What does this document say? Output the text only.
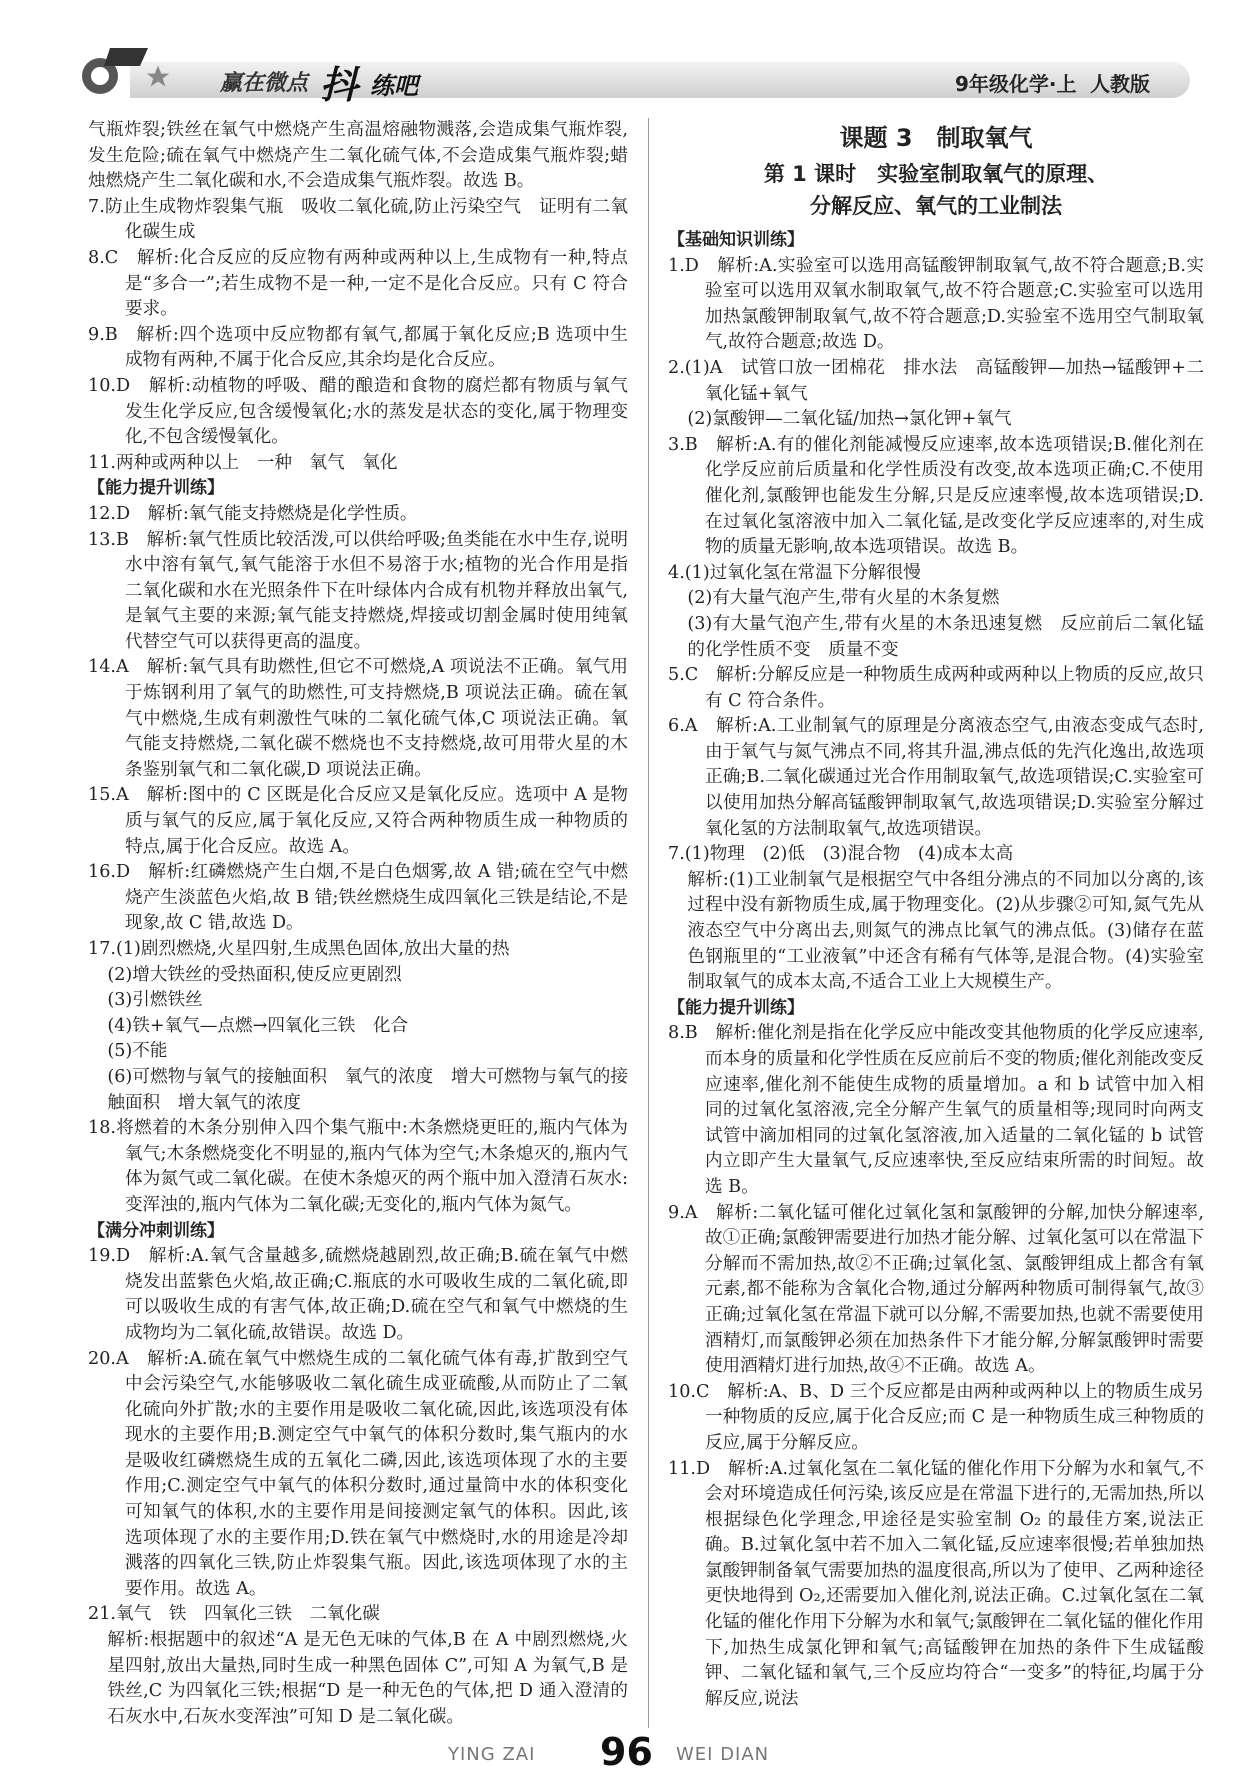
赢在微点 抖 练吧	9年级化学·上 人教版

气瓶炸裂;铁丝在氧气中燃烧产生高温熔融物溅落,会造成集气瓶炸裂,发生危险;硫在氧气中燃烧产生二氧化硫气体,不会造成集气瓶炸裂;蜡烛燃烧产生二氧化碳和水,不会造成集气瓶炸裂。故选 B。

7.防止生成物炸裂集气瓶　吸收二氧化硫,防止污染空气　证明有二氧化碳生成

8.C　解析:化合反应的反应物有两种或两种以上,生成物有一种,特点是“多合一”;若生成物不是一种,一定不是化合反应。只有 C 符合要求。

9.B　解析:四个选项中反应物都有氧气,都属于氧化反应;B 选项中生成物有两种,不属于化合反应,其余均是化合反应。

10.D　解析:动植物的呼吸、醋的酿造和食物的腐烂都有物质与氧气发生化学反应,包含缓慢氧化;水的蒸发是状态的变化,属于物理变化,不包含缓慢氧化。

11.两种或两种以上　一种　氧气　氧化

【能力提升训练】

12.D　解析:氧气能支持燃烧是化学性质。

13.B　解析:氧气性质比较活泼,可以供给呼吸;鱼类能在水中生存,说明水中溶有氧气,氧气能溶于水但不易溶于水;植物的光合作用是指二氧化碳和水在光照条件下在叶绿体内合成有机物并释放出氧气,是氧气主要的来源;氧气能支持燃烧,焊接或切割金属时使用纯氧代替空气可以获得更高的温度。

14.A　解析:氧气具有助燃性,但它不可燃烧,A 项说法不正确。氧气用于炼钢利用了氧气的助燃性,可支持燃烧,B 项说法正确。硫在氧气中燃烧,生成有刺激性气味的二氧化硫气体,C 项说法正确。氧气能支持燃烧,二氧化碳不燃烧也不支持燃烧,故可用带火星的木条鉴别氧气和二氧化碳,D 项说法正确。

15.A　解析:图中的 C 区既是化合反应又是氧化反应。选项中 A 是物质与氧气的反应,属于氧化反应,又符合两种物质生成一种物质的特点,属于化合反应。故选 A。

16.D　解析:红磷燃烧产生白烟,不是白色烟雾,故 A 错;硫在空气中燃烧产生淡蓝色火焰,故 B 错;铁丝燃烧生成四氧化三铁是结论,不是现象,故 C 错,故选 D。

17.(1)剧烈燃烧,火星四射,生成黑色固体,放出大量的热

(2)增大铁丝的受热面积,使反应更剧烈

(3)引燃铁丝

(4)铁+氧气—点燃→四氧化三铁　化合

(5)不能

(6)可燃物与氧气的接触面积　氧气的浓度　增大可燃物与氧气的接触面积　增大氧气的浓度

18.将燃着的木条分别伸入四个集气瓶中:木条燃烧更旺的,瓶内气体为氧气;木条燃烧变化不明显的,瓶内气体为空气;木条熄灭的,瓶内气体为氮气或二氧化碳。在使木条熄灭的两个瓶中加入澄清石灰水:变浑浊的,瓶内气体为二氧化碳;无变化的,瓶内气体为氮气。

【满分冲刺训练】

19.D　解析:A.氧气含量越多,硫燃烧越剧烈,故正确;B.硫在氧气中燃烧发出蓝紫色火焰,故正确;C.瓶底的水可吸收生成的二氧化硫,即可以吸收生成的有害气体,故正确;D.硫在空气和氧气中燃烧的生成物均为二氧化硫,故错误。故选 D。

20.A　解析:A.硫在氧气中燃烧生成的二氧化硫气体有毒,扩散到空气中会污染空气,水能够吸收二氧化硫生成亚硫酸,从而防止了二氧化硫向外扩散;水的主要作用是吸收二氧化硫,因此,该选项没有体现水的主要作用;B.测定空气中氧气的体积分数时,集气瓶内的水是吸收红磷燃烧生成的五氧化二磷,因此,该选项体现了水的主要作用;C.测定空气中氧气的体积分数时,通过量筒中水的体积变化可知氧气的体积,水的主要作用是间接测定氧气的体积。因此,该选项体现了水的主要作用;D.铁在氧气中燃烧时,水的用途是冷却溅落的四氧化三铁,防止炸裂集气瓶。因此,该选项体现了水的主要作用。故选 A。

21.氧气　铁　四氧化三铁　二氧化碳

解析:根据题中的叙述“A 是无色无味的气体,B 在 A 中剧烈燃烧,火星四射,放出大量热,同时生成一种黑色固体 C”,可知 A 为氧气,B 是铁丝,C 为四氧化三铁;根据“D 是一种无色的气体,把 D 通入澄清的石灰水中,石灰水变浑浊”可知 D 是二氧化碳。

课题 3　制取氧气

第 1 课时　实验室制取氧气的原理、

分解反应、氧气的工业制法

【基础知识训练】

1.D　解析:A.实验室可以选用高锰酸钾制取氧气,故不符合题意;B.实验室可以选用双氧水制取氧气,故不符合题意;C.实验室可以选用加热氯酸钾制取氧气,故不符合题意;D.实验室不选用空气制取氧气,故符合题意;故选 D。

2.(1)A　试管口放一团棉花　排水法　高锰酸钾—加热→锰酸钾+二氧化锰+氧气

(2)氯酸钾—二氧化锰/加热→氯化钾+氧气

3.B　解析:A.有的催化剂能减慢反应速率,故本选项错误;B.催化剂在化学反应前后质量和化学性质没有改变,故本选项正确;C.不使用催化剂,氯酸钾也能发生分解,只是反应速率慢,故本选项错误;D.在过氧化氢溶液中加入二氧化锰,是改变化学反应速率的,对生成物的质量无影响,故本选项错误。故选 B。

4.(1)过氧化氢在常温下分解很慢

(2)有大量气泡产生,带有火星的木条复燃

(3)有大量气泡产生,带有火星的木条迅速复燃　反应前后二氧化锰的化学性质不变　质量不变

5.C　解析:分解反应是一种物质生成两种或两种以上物质的反应,故只有 C 符合条件。

6.A　解析:A.工业制氧气的原理是分离液态空气,由液态变成气态时,由于氧气与氮气沸点不同,将其升温,沸点低的先汽化逸出,故选项正确;B.二氧化碳通过光合作用制取氧气,故选项错误;C.实验室可以使用加热分解高锰酸钾制取氧气,故选项错误;D.实验室分解过氧化氢的方法制取氧气,故选项错误。

7.(1)物理　(2)低　(3)混合物　(4)成本太高

解析:(1)工业制氧气是根据空气中各组分沸点的不同加以分离的,该过程中没有新物质生成,属于物理变化。(2)从步骤②可知,氮气先从液态空气中分离出去,则氮气的沸点比氧气的沸点低。(3)储存在蓝色钢瓶里的“工业液氧”中还含有稀有气体等,是混合物。(4)实验室制取氧气的成本太高,不适合工业上大规模生产。

【能力提升训练】

8.B　解析:催化剂是指在化学反应中能改变其他物质的化学反应速率,而本身的质量和化学性质在反应前后不变的物质;催化剂能改变反应速率,催化剂不能使生成物的质量增加。a 和 b 试管中加入相同的过氧化氢溶液,完全分解产生氧气的质量相等;现同时向两支试管中滴加相同的过氧化氢溶液,加入适量的二氧化锰的 b 试管内立即产生大量氧气,反应速率快,至反应结束所需的时间短。故选 B。

9.A　解析:二氧化锰可催化过氧化氢和氯酸钾的分解,加快分解速率,故①正确;氯酸钾需要进行加热才能分解、过氧化氢可以在常温下分解而不需加热,故②不正确;过氧化氢、氯酸钾组成上都含有氧元素,都不能称为含氧化合物,通过分解两种物质可制得氧气,故③正确;过氧化氢在常温下就可以分解,不需要加热,也就不需要使用酒精灯,而氯酸钾必须在加热条件下才能分解,分解氯酸钾时需要使用酒精灯进行加热,故④不正确。故选 A。

10.C　解析:A、B、D 三个反应都是由两种或两种以上的物质生成另一种物质的反应,属于化合反应;而 C 是一种物质生成三种物质的反应,属于分解反应。

11.D　解析:A.过氧化氢在二氧化锰的催化作用下分解为水和氧气,不会对环境造成任何污染,该反应是在常温下进行的,无需加热,所以根据绿色化学理念,甲途径是实验室制 O₂ 的最佳方案,说法正确。B.过氧化氢中若不加入二氧化锰,反应速率很慢;若单独加热氯酸钾制备氧气需要加热的温度很高,所以为了使甲、乙两种途径更快地得到 O₂,还需要加入催化剂,说法正确。C.过氧化氢在二氧化锰的催化作用下分解为水和氧气;氯酸钾在二氧化锰的催化作用下,加热生成氯化钾和氧气;高锰酸钾在加热的条件下生成锰酸钾、二氧化锰和氧气,三个反应均符合“一变多”的特征,均属于分解反应,说法

YING ZAI 96 WEI DIAN
